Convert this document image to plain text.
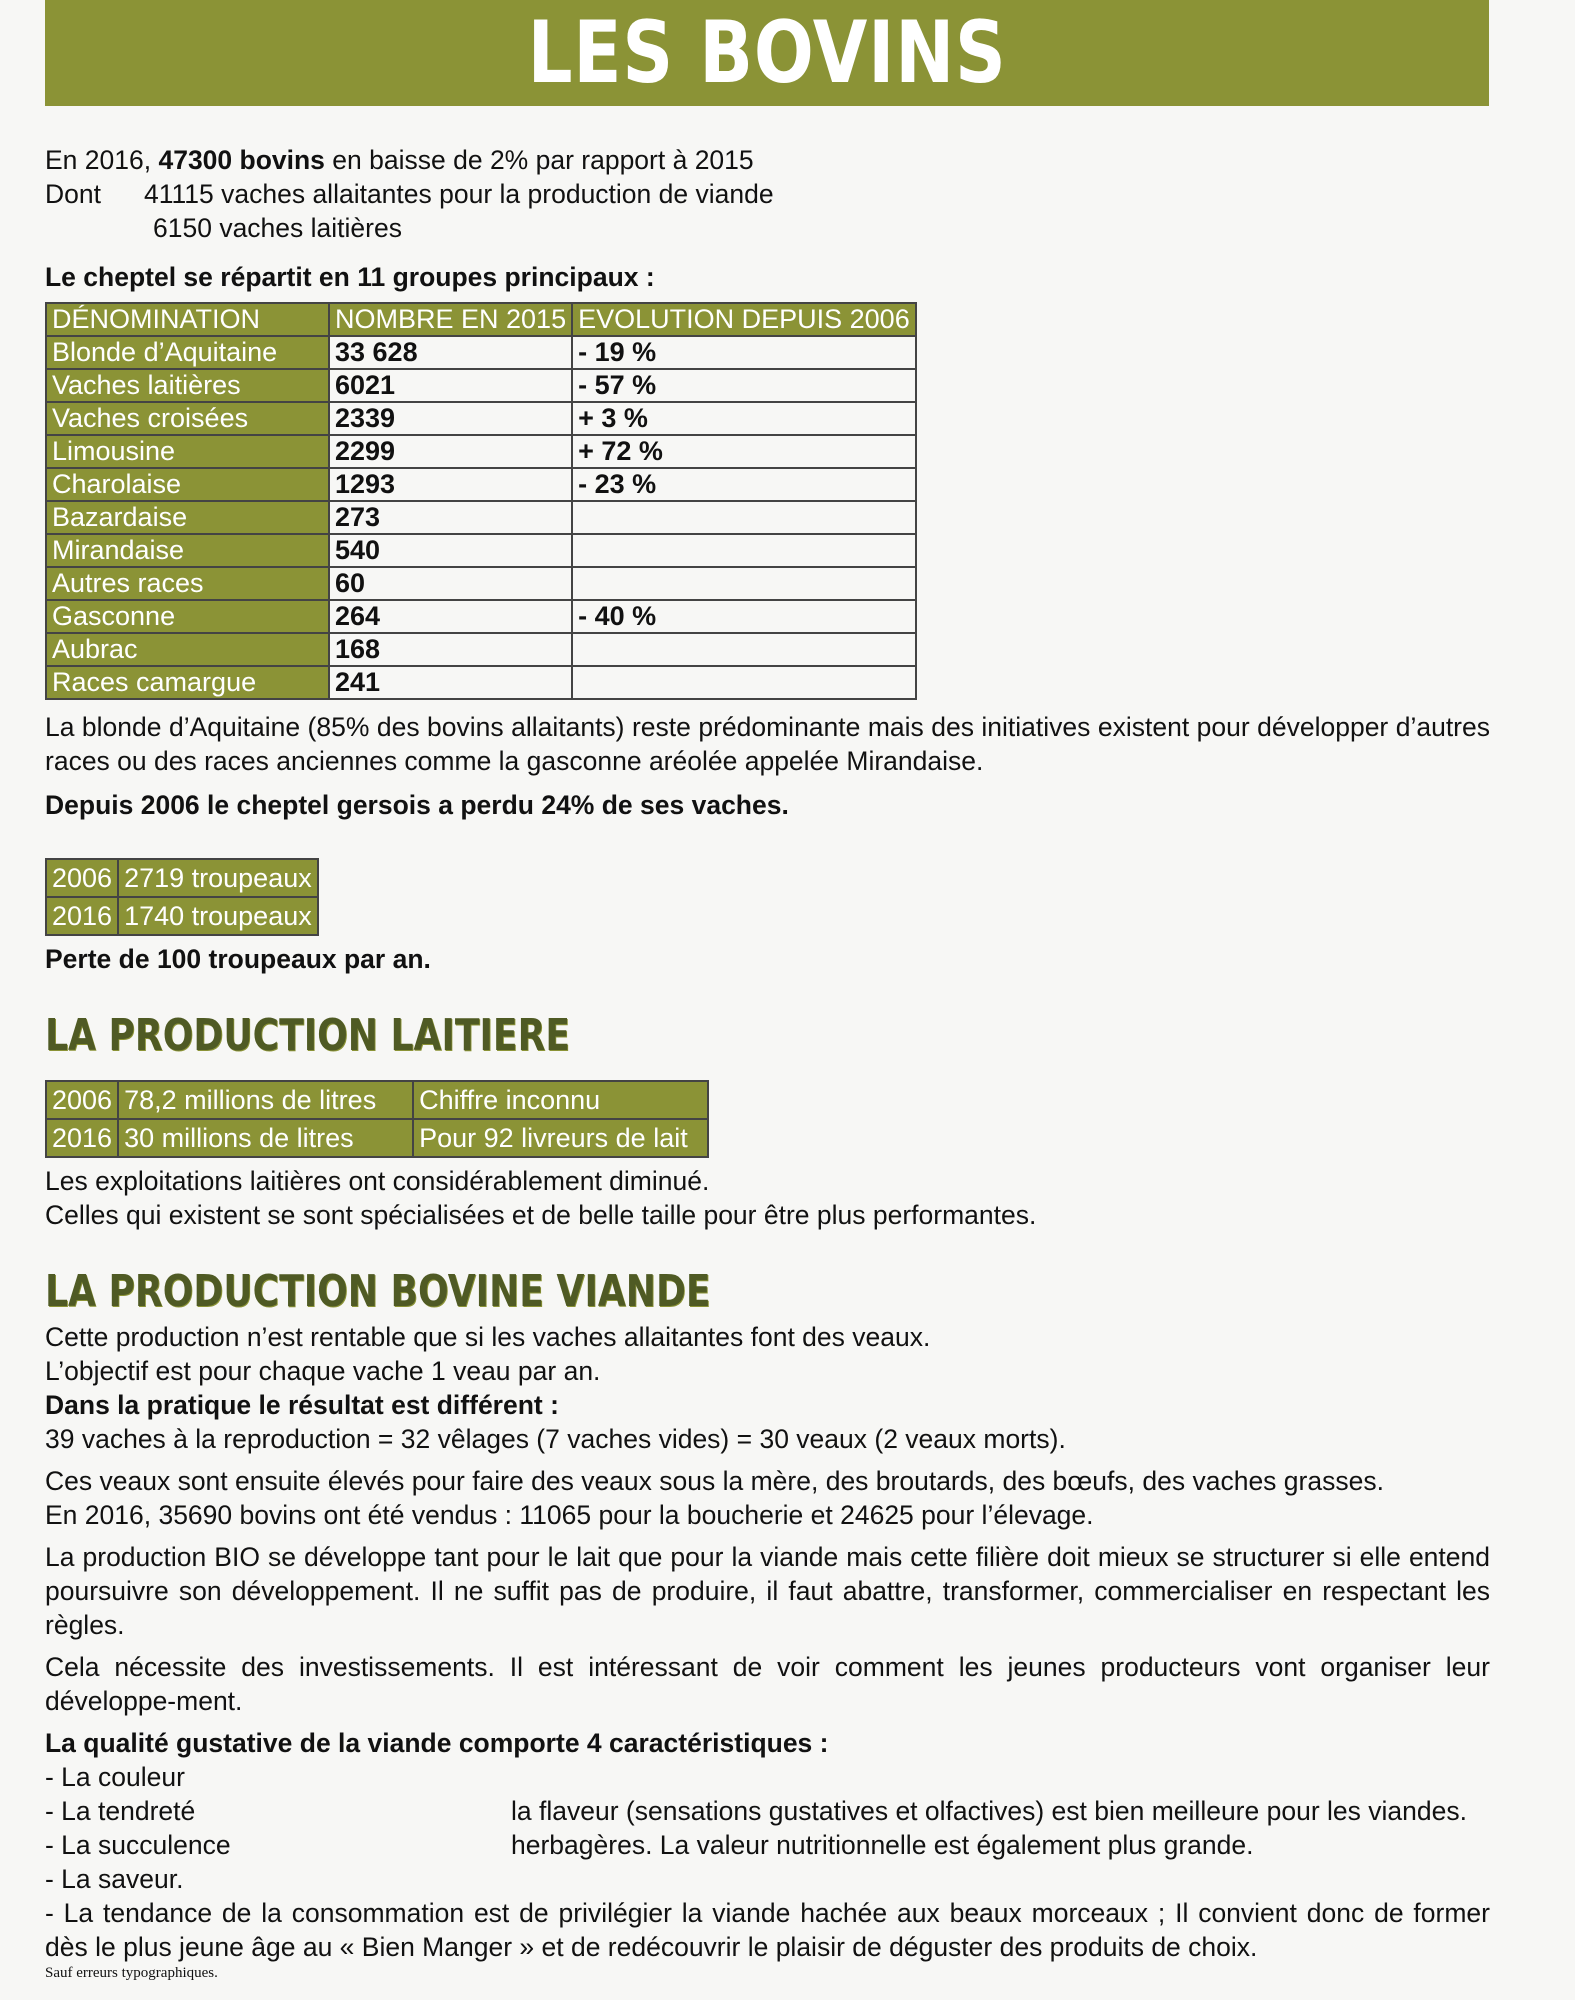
LES BOVINS

En 2016, 47300 bovins en baisse de 2% par rapport à 2015

Dont	41115 vaches allaitantes pour la production de viande

6150 vaches laitières

Le cheptel se répartit en 11 groupes principaux :

DÉNOMINATION	NOMBRE EN 2015	EVOLUTION DEPUIS 2006
Blonde d’Aquitaine	33 628	- 19 %
Vaches laitières	6021	- 57 %
Vaches croisées	2339	+ 3 %
Limousine	2299	+ 72 %
Charolaise	1293	- 23 %
Bazardaise	273	
Mirandaise	540	
Autres races	60	
Gasconne	264	- 40 %
Aubrac	168	
Races camargue	241	

La blonde d’Aquitaine (85% des bovins allaitants) reste prédominante mais des initiatives existent pour développer d’autres races ou des races anciennes comme la gasconne aréolée appelée Mirandaise.

Depuis 2006 le cheptel gersois a perdu 24% de ses vaches.

2006	2719 troupeaux
2016	1740 troupeaux

Perte de 100 troupeaux par an.

LA PRODUCTION LAITIERE
2006	78,2 millions de litres	Chiffre inconnu
2016	30 millions de litres	Pour 92 livreurs de lait

Les exploitations laitières ont considérablement diminué.

Celles qui existent se sont spécialisées et de belle taille pour être plus performantes.

LA PRODUCTION BOVINE VIANDE

Cette production n’est rentable que si les vaches allaitantes font des veaux.

L’objectif est pour chaque vache 1 veau par an.

Dans la pratique le résultat est différent :

39 vaches à la reproduction = 32 vêlages (7 vaches vides) = 30 veaux (2 veaux morts).

Ces veaux sont ensuite élevés pour faire des veaux sous la mère, des broutards, des bœufs, des vaches grasses.

En 2016, 35690 bovins ont été vendus : 11065 pour la boucherie et 24625 pour l’élevage.

La production BIO se développe tant pour le lait que pour la viande mais cette filière doit mieux se structurer si elle entend poursuivre son développement. Il ne suffit pas de produire, il faut abattre, transformer, commercialiser en respectant les règles.

Cela nécessite des investissements. Il est intéressant de voir comment les jeunes producteurs vont organiser leur développe-ment.

La qualité gustative de la viande comporte 4 caractéristiques :

- La couleur

- La tendreté	la flaveur (sensations gustatives et olfactives) est bien meilleure pour les viandes.

- La succulence	herbagères. La valeur nutritionnelle est également plus grande.

- La saveur.

- La tendance de la consommation est de privilégier la viande hachée aux beaux morceaux ; Il convient donc de former dès le plus jeune âge au « Bien Manger » et de redécouvrir le plaisir de déguster des produits de choix.

Sauf erreurs typographiques.
